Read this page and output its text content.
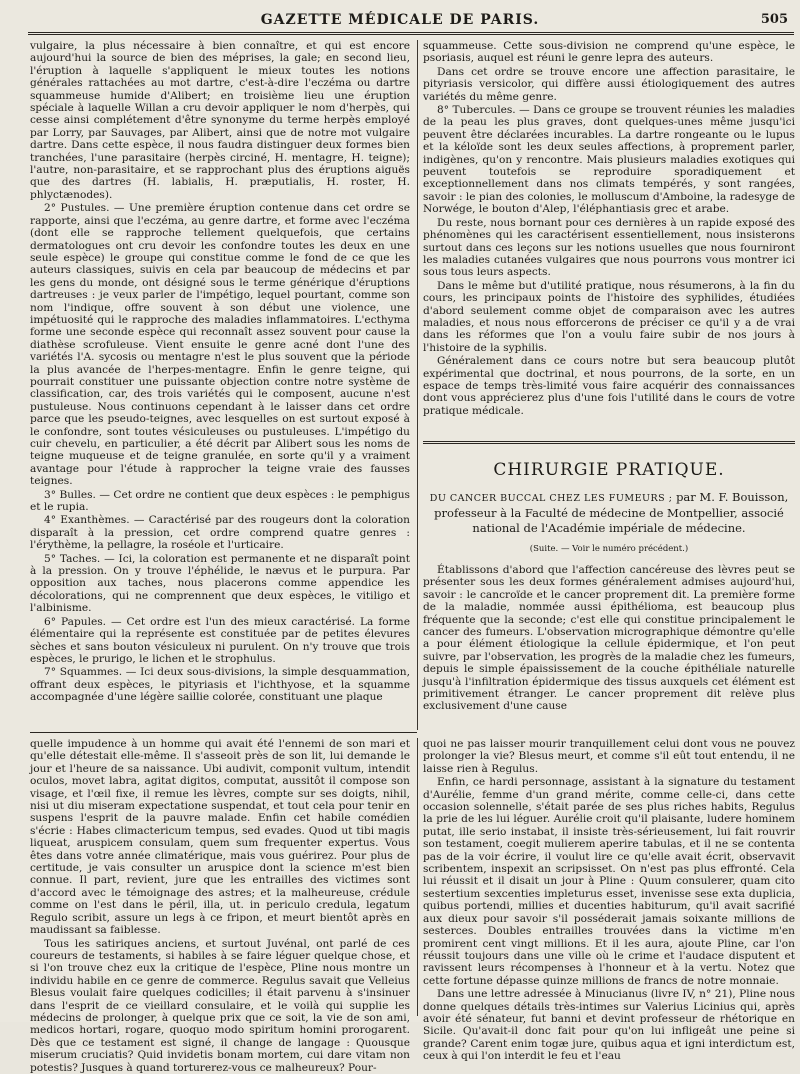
GAZETTE MÉDICALE DE PARIS.	505

vulgaire, la plus nécessaire à bien connaître, et qui est encore aujourd'hui la source de bien des méprises, la gale; en second lieu, l'éruption à laquelle s'appliquent le mieux toutes les notions générales rattachées au mot dartre, c'est-à-dire l'eczéma ou dartre squammeuse humide d'Alibert; en troisième lieu une éruption spéciale à laquelle Willan a cru devoir appliquer le nom d'herpès, qui cesse ainsi complétement d'être synonyme du terme herpès employé par Lorry, par Sauvages, par Alibert, ainsi que de notre mot vulgaire dartre. Dans cette espèce, il nous faudra distinguer deux formes bien tranchées, l'une parasitaire (herpès circiné, H. mentagre, H. teigne); l'autre, non-parasitaire, et se rapprochant plus des éruptions aiguës que des dartres (H. labialis, H. præputialis, H. roster, H. phlyctænodes).

2° Pustules. — Une première éruption contenue dans cet ordre se rapporte, ainsi que l'eczéma, au genre dartre, et forme avec l'eczéma (dont elle se rapproche tellement quelquefois, que certains dermatologues ont cru devoir les confondre toutes les deux en une seule espèce) le groupe qui constitue comme le fond de ce que les auteurs classiques, suivis en cela par beaucoup de médecins et par les gens du monde, ont désigné sous le terme générique d'éruptions dartreuses : je veux parler de l'impétigo, lequel pourtant, comme son nom l'indique, offre souvent à son début une violence, une impétuosité qui le rapproche des maladies inflammatoires. L'ecthyma forme une seconde espèce qui reconnaît assez souvent pour cause la diathèse scrofuleuse. Vient ensuite le genre acné dont l'une des variétés l'A. sycosis ou mentagre n'est le plus souvent que la période la plus avancée de l'herpes-mentagre. Enfin le genre teigne, qui pourrait constituer une puissante objection contre notre système de classification, car, des trois variétés qui le composent, aucune n'est pustuleuse. Nous continuons cependant à le laisser dans cet ordre parce que les pseudo-teignes, avec lesquelles on est surtout exposé à le confondre, sont toutes vésiculeuses ou pustuleuses. L'impétigo du cuir chevelu, en particulier, a été décrit par Alibert sous les noms de teigne muqueuse et de teigne granulée, en sorte qu'il y a vraiment avantage pour l'étude à rapprocher la teigne vraie des fausses teignes.

3° Bulles. — Cet ordre ne contient que deux espèces : le pemphigus et le rupia.

4° Exanthèmes. — Caractérisé par des rougeurs dont la coloration disparaît à la pression, cet ordre comprend quatre genres : l'érythème, la pellagre, la roséole et l'urticaire.

5° Taches. — Ici, la coloration est permanente et ne disparaît point à la pression. On y trouve l'éphélide, le nævus et le purpura. Par opposition aux taches, nous placerons comme appendice les décolorations, qui ne comprennent que deux espèces, le vitiligo et l'albinisme.

6° Papules. — Cet ordre est l'un des mieux caractérisé. La forme élémentaire qui la représente est constituée par de petites élevures sèches et sans bouton vésiculeux ni purulent. On n'y trouve que trois espèces, le prurigo, le lichen et le strophulus.

7° Squammes. — Ici deux sous-divisions, la simple desquammation, offrant deux espèces, le pityriasis et l'ichthyose, et la squamme accompagnée d'une légère saillie colorée, constituant une plaque

squammeuse. Cette sous-division ne comprend qu'une espèce, le psoriasis, auquel est réuni le genre lepra des auteurs.

Dans cet ordre se trouve encore une affection parasitaire, le pityriasis versicolor, qui diffère aussi étiologiquement des autres variétés du même genre.

8° Tubercules. — Dans ce groupe se trouvent réunies les maladies de la peau les plus graves, dont quelques-unes même jusqu'ici peuvent être déclarées incurables. La dartre rongeante ou le lupus et la kéloïde sont les deux seules affections, à proprement parler, indigènes, qu'on y rencontre. Mais plusieurs maladies exotiques qui peuvent toutefois se reproduire sporadiquement et exceptionnellement dans nos climats tempérés, y sont rangées, savoir : le pian des colonies, le molluscum d'Amboine, la radesyge de Norwége, le bouton d'Alep, l'éléphantiasis grec et arabe.

Du reste, nous bornant pour ces dernières à un rapide exposé des phénomènes qui les caractérisent essentiellement, nous insisterons surtout dans ces leçons sur les notions usuelles que nous fourniront les maladies cutanées vulgaires que nous pourrons vous montrer ici sous tous leurs aspects.

Dans le même but d'utilité pratique, nous résumerons, à la fin du cours, les principaux points de l'histoire des syphilides, étudiées d'abord seulement comme objet de comparaison avec les autres maladies, et nous nous efforcerons de préciser ce qu'il y a de vrai dans les réformes que l'on a voulu faire subir de nos jours à l'histoire de la syphilis.

Généralement dans ce cours notre but sera beaucoup plutôt expérimental que doctrinal, et nous pourrons, de la sorte, en un espace de temps très-limité vous faire acquérir des connaissances dont vous apprécierez plus d'une fois l'utilité dans le cours de votre pratique médicale.

CHIRURGIE PRATIQUE.
DU CANCER BUCCAL CHEZ LES FUMEURS ; par M. F. Bouisson, professeur à la Faculté de médecine de Montpellier, associé national de l'Académie impériale de médecine.
(Suite. — Voir le numéro précédent.)

Établissons d'abord que l'affection cancéreuse des lèvres peut se présenter sous les deux formes généralement admises aujourd'hui, savoir : le cancroïde et le cancer proprement dit. La première forme de la maladie, nommée aussi épithélioma, est beaucoup plus fréquente que la seconde; c'est elle qui constitue principalement le cancer des fumeurs. L'observation micrographique démontre qu'elle a pour élément étiologique la cellule épidermique, et l'on peut suivre, par l'observation, les progrès de la maladie chez les fumeurs, depuis le simple épaississement de la couche épithéliale naturelle jusqu'à l'infiltration épidermique des tissus auxquels cet élément est primitivement étranger. Le cancer proprement dit relève plus exclusivement d'une cause

quelle impudence à un homme qui avait été l'ennemi de son mari et qu'elle détestait elle-même. Il s'asseoit près de son lit, lui demande le jour et l'heure de sa naissance. Ubi audivit, componit vultum, intendit oculos, movet labra, agitat digitos, computat, aussitôt il compose son visage, et l'œil fixe, il remue les lèvres, compte sur ses doigts, nihil, nisi ut diu miseram expectatione suspendat, et tout cela pour tenir en suspens l'esprit de la pauvre malade. Enfin cet habile comédien s'écrie : Habes climactericum tempus, sed evades. Quod ut tibi magis liqueat, aruspicem consulam, quem sum frequenter expertus. Vous êtes dans votre année climatérique, mais vous guérirez. Pour plus de certitude, je vais consulter un aruspice dont la science m'est bien connue. Il part, revient, jure que les entrailles des victimes sont d'accord avec le témoignage des astres; et la malheureuse, crédule comme on l'est dans le péril, illa, ut. in periculo credula, legatum Regulo scribit, assure un legs à ce fripon, et meurt bientôt après en maudissant sa faiblesse.

Tous les satiriques anciens, et surtout Juvénal, ont parlé de ces coureurs de testaments, si habiles à se faire léguer quelque chose, et si l'on trouve chez eux la critique de l'espèce, Pline nous montre un individu habile en ce genre de commerce. Regulus savait que Velleius Blesus voulait faire quelques codicilles; il était parvenu à s'insinuer dans l'esprit de ce vieillard consulaire, et le voilà qui supplie les médecins de prolonger, à quelque prix que ce soit, la vie de son ami, medicos hortari, rogare, quoquo modo spiritum homini prorogarent. Dès que ce testament est signé, il change de langage : Quousque miserum cruciatis? Quid invidetis bonam mortem, cui dare vitam non potestis? Jusques à quand torturerez-vous ce malheureux? Pour-

quoi ne pas laisser mourir tranquillement celui dont vous ne pouvez prolonger la vie? Blesus meurt, et comme s'il eût tout entendu, il ne laisse rien à Regulus.

Enfin, ce hardi personnage, assistant à la signature du testament d'Aurélie, femme d'un grand mérite, comme celle-ci, dans cette occasion solennelle, s'était parée de ses plus riches habits, Regulus la prie de les lui léguer. Aurélie croit qu'il plaisante, ludere hominem putat, ille serio instabat, il insiste très-sérieusement, lui fait rouvrir son testament, coegit mulierem aperire tabulas, et il ne se contenta pas de la voir écrire, il voulut lire ce qu'elle avait écrit, observavit scribentem, inspexit an scripsisset. On n'est pas plus effronté. Cela lui réussit et il disait un jour à Pline : Quum consulerer, quam cito sestertium sexcenties impleturus esset, invenisse sese exta duplicia, quibus portendi, millies et ducenties habiturum, qu'il avait sacrifié aux dieux pour savoir s'il posséderait jamais soixante millions de sesterces. Doubles entrailles trouvées dans la victime m'en promirent cent vingt millions. Et il les aura, ajoute Pline, car l'on réussit toujours dans une ville où le crime et l'audace disputent et ravissent leurs récompenses à l'honneur et à la vertu. Notez que cette fortune dépasse quinze millions de francs de notre monnaie.

Dans une lettre adressée à Minucianus (livre IV, n° 21), Pline nous donne quelques détails très-intimes sur Valerius Licinius qui, après avoir été sénateur, fut banni et devint professeur de rhétorique en Sicile. Qu'avait-il donc fait pour qu'on lui infligeât une peine si grande? Carent enim togæ jure, quibus aqua et igni interdictum est, ceux à qui l'on interdit le feu et l'eau
